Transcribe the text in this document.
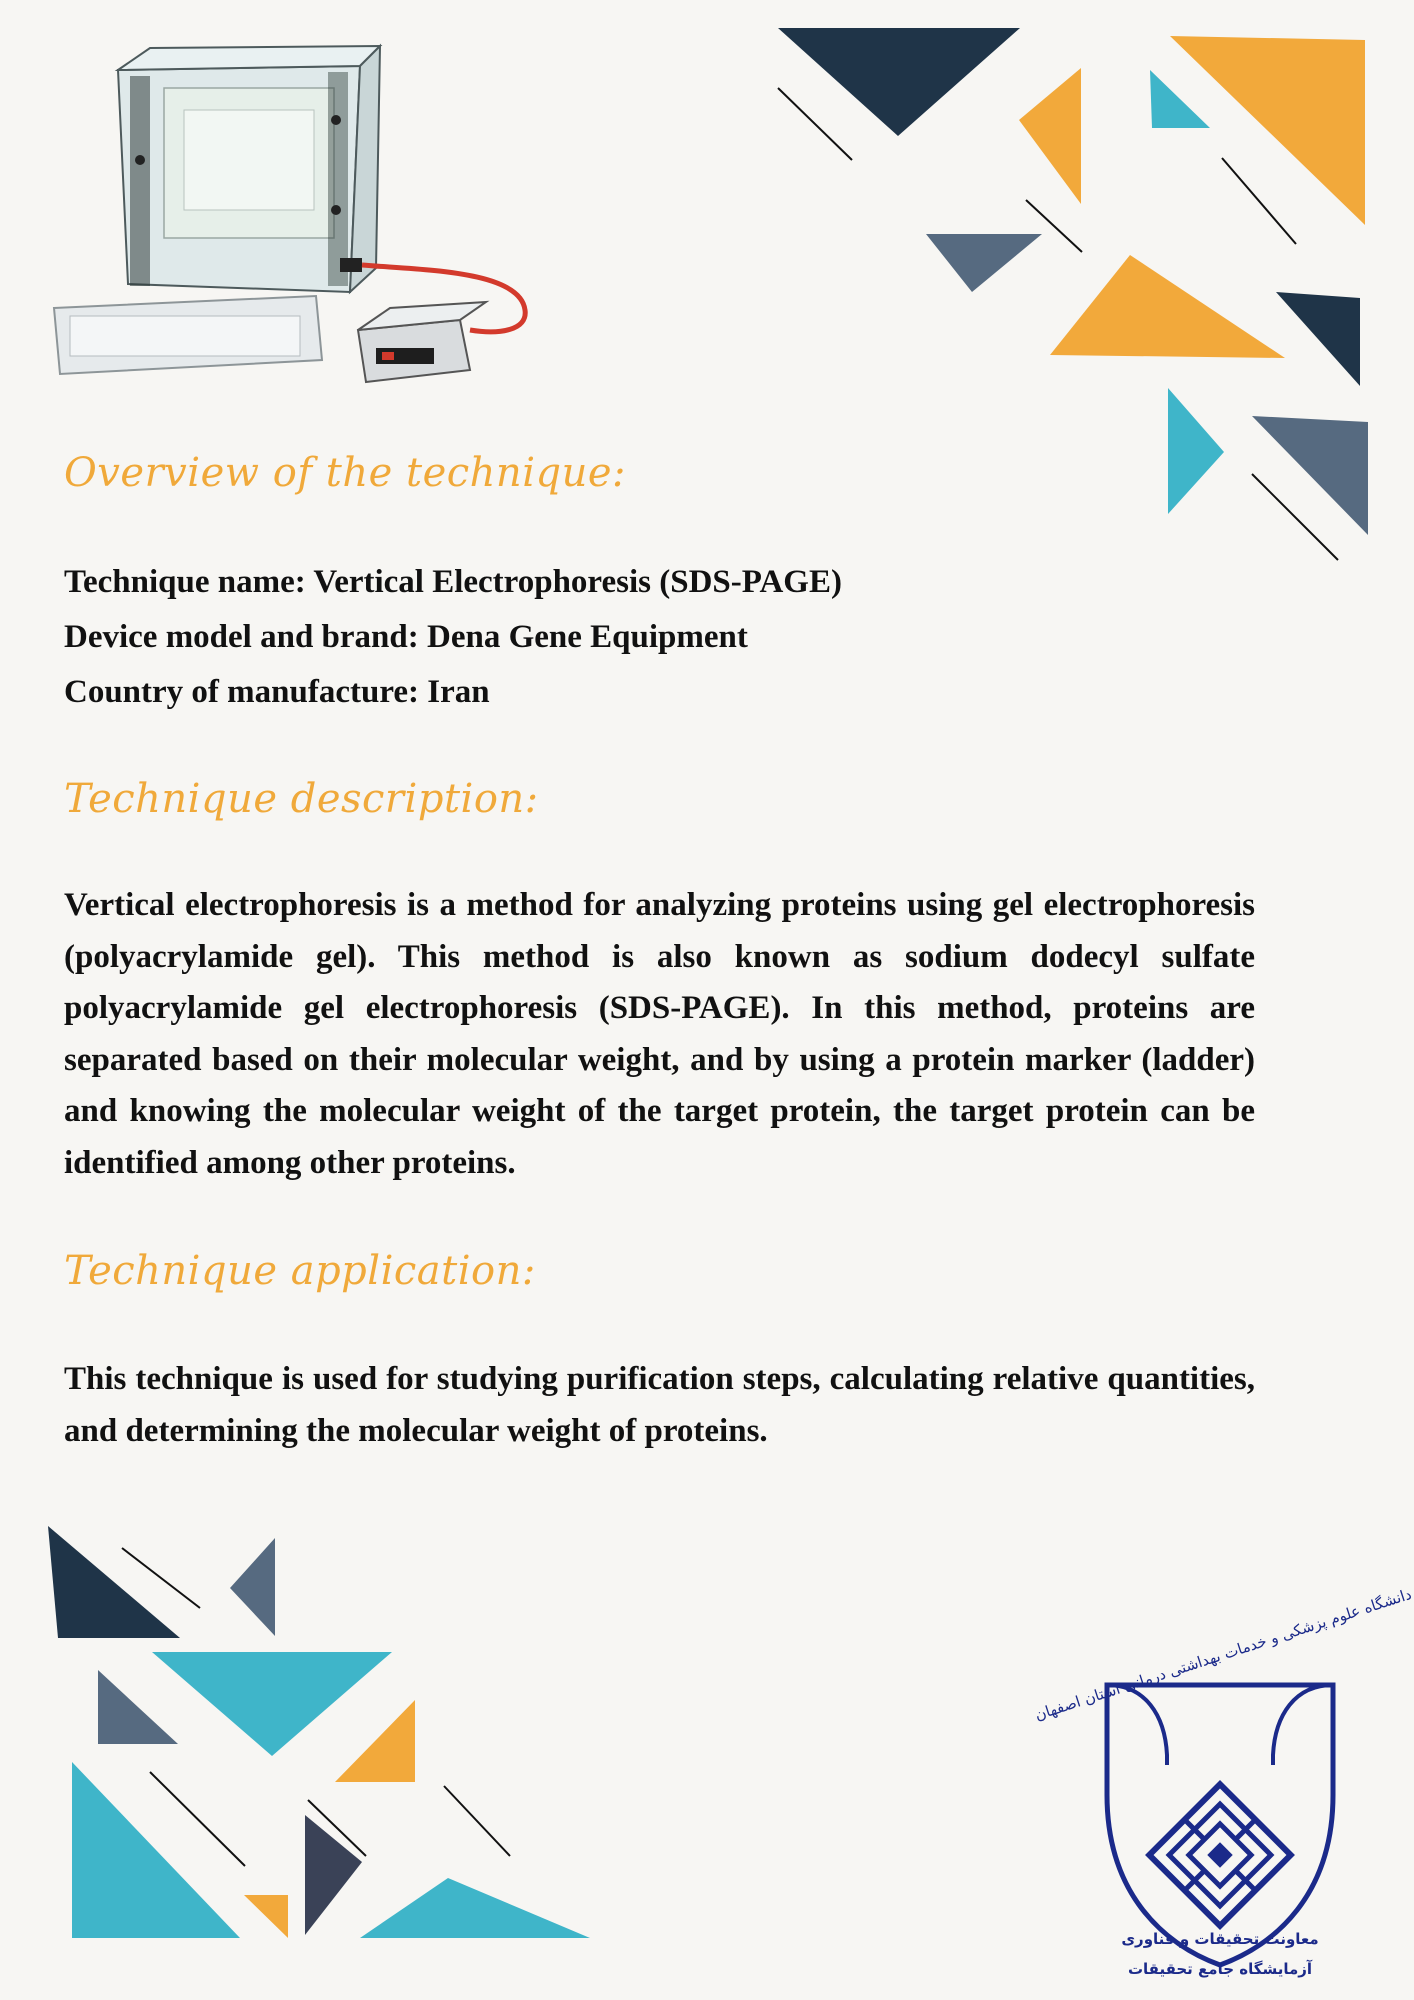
Overview of the technique:
Technique name: Vertical Electrophoresis (SDS-PAGE)
Device model and brand: Dena Gene Equipment
Country of manufacture: Iran
Technique description:

Vertical electrophoresis is a method for analyzing proteins using gel electrophoresis (polyacrylamide gel). This method is also known as sodium dodecyl sulfate polyacrylamide gel electrophoresis (SDS-PAGE). In this method, proteins are separated based on their molecular weight, and by using a protein marker (ladder) and knowing the molecular weight of the target protein, the target protein can be identified among other proteins.

Technique application:

This technique is used for studying purification steps, calculating relative quantities, and determining the molecular weight of proteins.

دانشگاه علوم پزشکی و خدمات بهداشتی درمانی استان اصفهان
معاونت تحقیقات و فناوری
آزمایشگاه جامع تحقیقات
